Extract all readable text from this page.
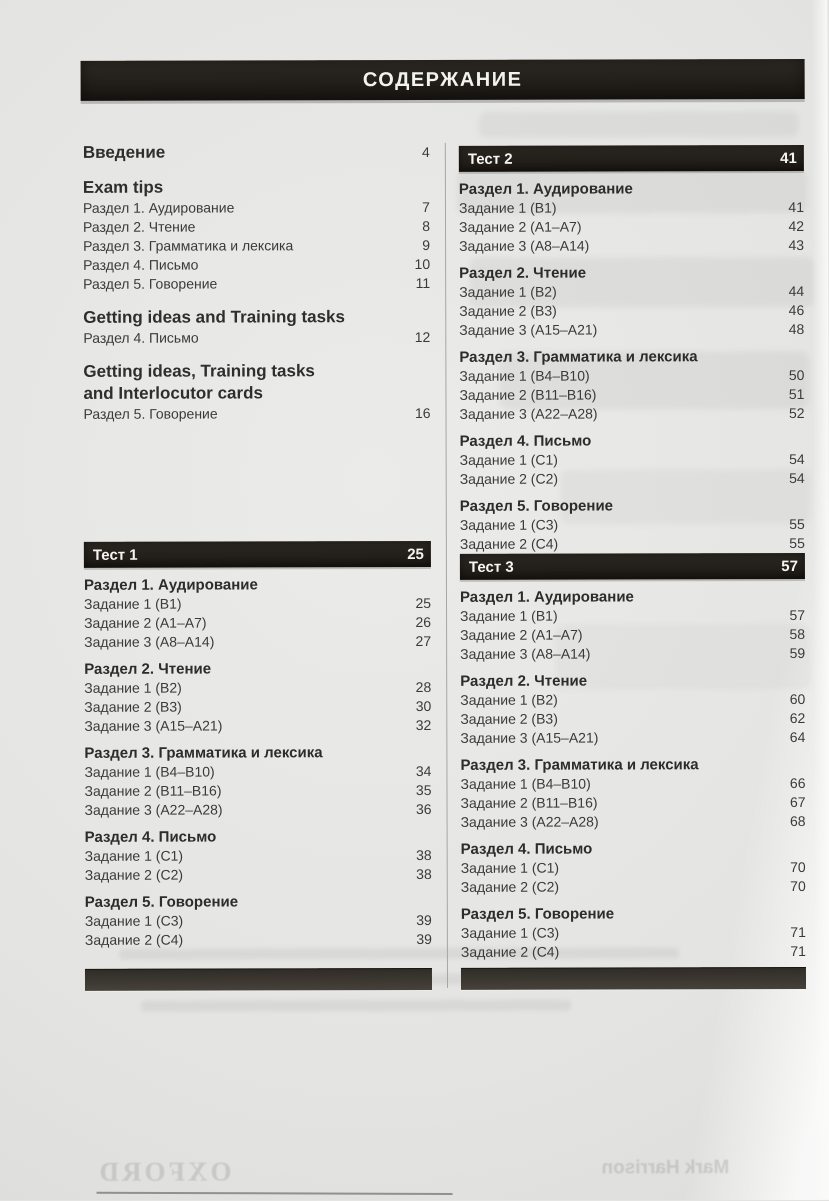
OXFORD	Mark Harrison
СОДЕРЖАНИЕ
Введение	4
Exam tips
Раздел 1. Аудирование	7
Раздел 2. Чтение	8
Раздел 3. Грамматика и лексика	9
Раздел 4. Письмо	10
Раздел 5. Говорение	11
Getting ideas and Training tasks
Раздел 4. Письмо	12
Getting ideas, Training tasks
and Interlocutor cards
Раздел 5. Говорение	16
Тест 1	25
Раздел 1. Аудирование
Задание 1 (B1)	25
Задание 2 (A1–A7)	26
Задание 3 (A8–A14)	27
Раздел 2. Чтение
Задание 1 (B2)	28
Задание 2 (B3)	30
Задание 3 (A15–A21)	32
Раздел 3. Грамматика и лексика
Задание 1 (B4–B10)	34
Задание 2 (B11–B16)	35
Задание 3 (A22–A28)	36
Раздел 4. Письмо
Задание 1 (C1)	38
Задание 2 (C2)	38
Раздел 5. Говорение
Задание 1 (C3)	39
Задание 2 (C4)	39
Тест 2	41
Раздел 1. Аудирование
Задание 1 (B1)	41
Задание 2 (A1–A7)	42
Задание 3 (A8–A14)	43
Раздел 2. Чтение
Задание 1 (B2)	44
Задание 2 (B3)	46
Задание 3 (A15–A21)	48
Раздел 3. Грамматика и лексика
Задание 1 (B4–B10)	50
Задание 2 (B11–B16)	51
Задание 3 (A22–A28)	52
Раздел 4. Письмо
Задание 1 (C1)	54
Задание 2 (C2)	54
Раздел 5. Говорение
Задание 1 (C3)	55
Задание 2 (C4)	55
Тест 3	57
Раздел 1. Аудирование
Задание 1 (B1)	57
Задание 2 (A1–A7)	58
Задание 3 (A8–A14)	59
Раздел 2. Чтение
Задание 1 (B2)	60
Задание 2 (B3)	62
Задание 3 (A15–A21)	64
Раздел 3. Грамматика и лексика
Задание 1 (B4–B10)	66
Задание 2 (B11–B16)	67
Задание 3 (A22–A28)	68
Раздел 4. Письмо
Задание 1 (C1)	70
Задание 2 (C2)	70
Раздел 5. Говорение
Задание 1 (C3)	71
Задание 2 (C4)	71
